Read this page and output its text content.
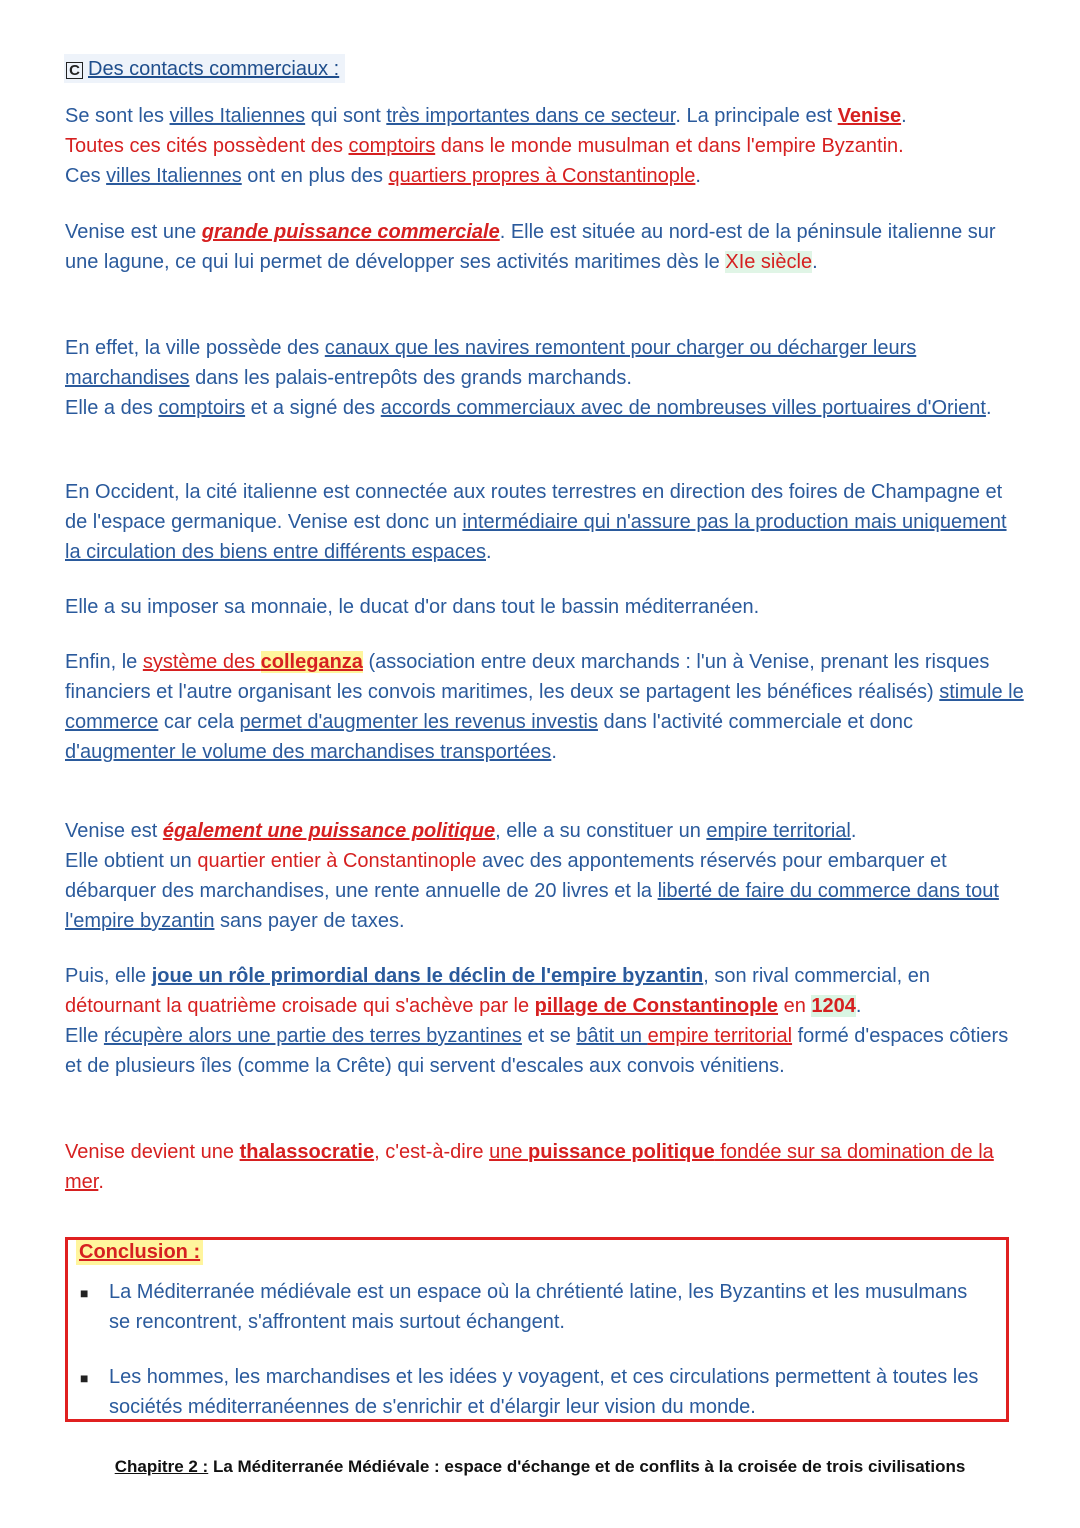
C Des contacts commerciaux :

Se sont les villes Italiennes qui sont très importantes dans ce secteur. La principale est Venise.
Toutes ces cités possèdent des comptoirs dans le monde musulman et dans l'empire Byzantin.
Ces villes Italiennes ont en plus des quartiers propres à Constantinople.

Venise est une grande puissance commerciale. Elle est située au nord-est de la péninsule italienne sur une lagune, ce qui lui permet de développer ses activités maritimes dès le XIe siècle.

En effet, la ville possède des canaux que les navires remontent pour charger ou décharger leurs marchandises dans les palais-entrepôts des grands marchands.
Elle a des comptoirs et a signé des accords commerciaux avec de nombreuses villes portuaires d'Orient.

En Occident, la cité italienne est connectée aux routes terrestres en direction des foires de Champagne et de l'espace germanique. Venise est donc un intermédiaire qui n'assure pas la production mais uniquement la circulation des biens entre différents espaces.

Elle a su imposer sa monnaie, le ducat d'or dans tout le bassin méditerranéen.

Enfin, le système des colleganza (association entre deux marchands : l'un à Venise, prenant les risques financiers et l'autre organisant les convois maritimes, les deux se partagent les bénéfices réalisés) stimule le commerce car cela permet d'augmenter les revenus investis dans l'activité commerciale et donc d'augmenter le volume des marchandises transportées.

Venise est également une puissance politique, elle a su constituer un empire territorial.
Elle obtient un quartier entier à Constantinople avec des appontements réservés pour embarquer et débarquer des marchandises, une rente annuelle de 20 livres et la liberté de faire du commerce dans tout l'empire byzantin sans payer de taxes.

Puis, elle joue un rôle primordial dans le déclin de l'empire byzantin, son rival commercial, en détournant la quatrième croisade qui s'achève par le pillage de Constantinople en 1204.
Elle récupère alors une partie des terres byzantines et se bâtit un empire territorial formé d'espaces côtiers et de plusieurs îles (comme la Crête) qui servent d'escales aux convois vénitiens.

Venise devient une thalassocratie, c'est-à-dire une puissance politique fondée sur sa domination de la mer.

Conclusion :
■ La Méditerranée médiévale est un espace où la chrétienté latine, les Byzantins et les musulmans se rencontrent, s'affrontent mais surtout échangent.

■ Les hommes, les marchandises et les idées y voyagent, et ces circulations permettent à toutes les sociétés méditerranéennes de s'enrichir et d'élargir leur vision du monde.

Chapitre 2 : La Méditerranée Médiévale : espace d'échange et de conflits à la croisée de trois civilisations
